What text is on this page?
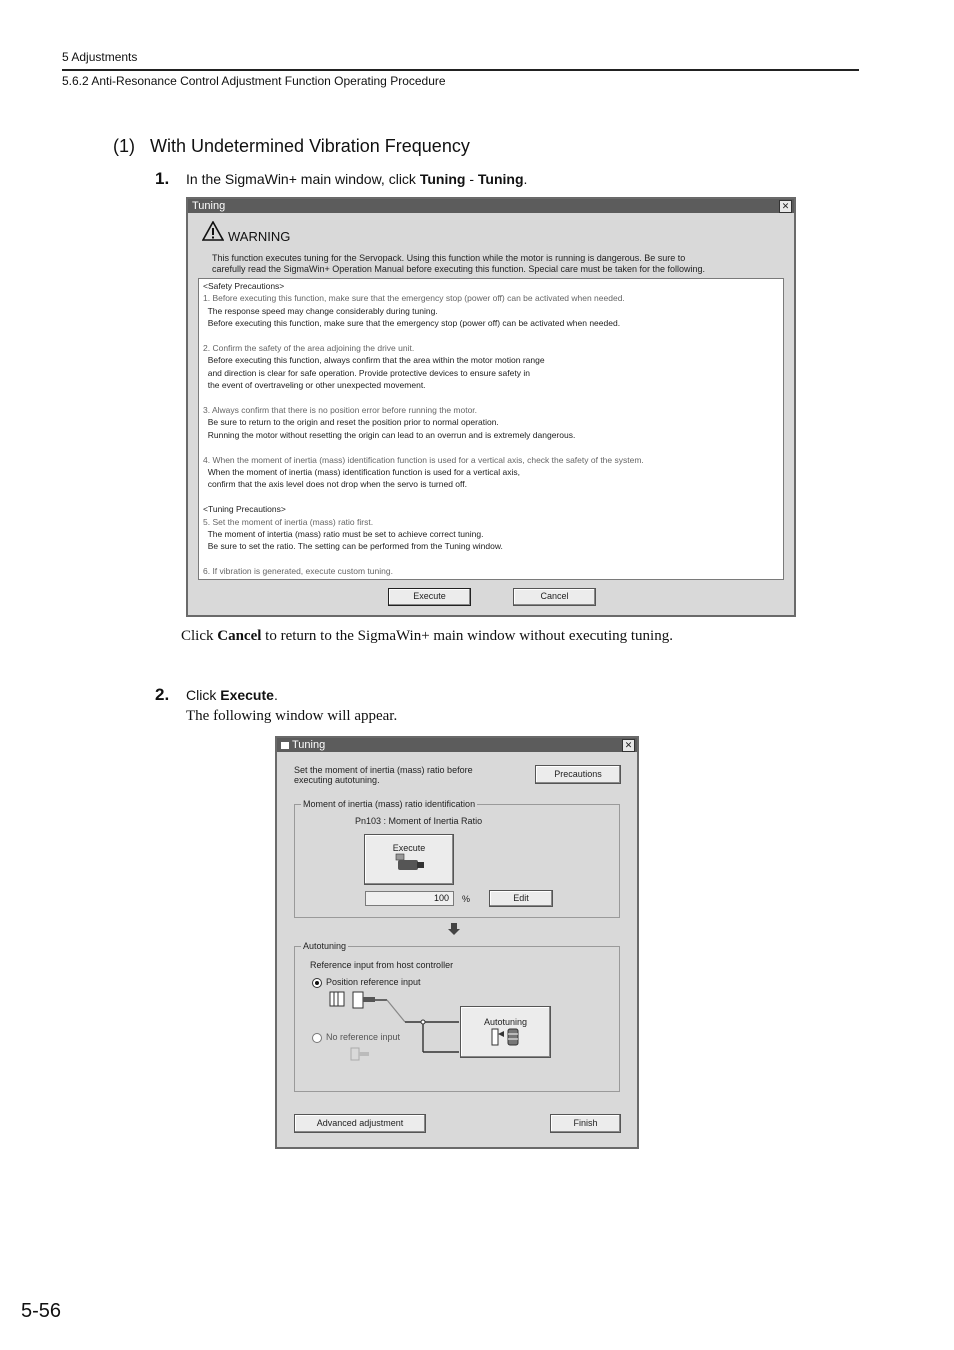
5 Adjustments
5.6.2 Anti-Resonance Control Adjustment Function Operating Procedure
(1)   With Undetermined Vibration Frequency
1. In the SigmaWin+ main window, click Tuning - Tuning.
Tuning	✕
WARNING
This function executes tuning for the Servopack. Using this function while the motor is running is dangerous. Be sure to
carefully read the SigmaWin+ Operation Manual before executing this function. Special care must be taken for the following.
<Safety Precautions>
1. Before executing this function, make sure that the emergency stop (power off) can be activated when needed.
The response speed may change considerably during tuning.
Before executing this function, make sure that the emergency stop (power off) can be activated when needed.
2. Confirm the safety of the area adjoining the drive unit.
Before executing this function, always confirm that the area within the motor motion range
and direction is clear for safe operation. Provide protective devices to ensure safety in
the event of overtraveling or other unexpected movement.
3. Always confirm that there is no position error before running the motor.
Be sure to return to the origin and reset the position prior to normal operation.
Running the motor without resetting the origin can lead to an overrun and is extremely dangerous.
4. When the moment of inertia (mass) identification function is used for a vertical axis, check the safety of the system.
When the moment of inertia (mass) identification function is used for a vertical axis,
confirm that the axis level does not drop when the servo is turned off.
<Tuning Precautions>
5. Set the moment of inertia (mass) ratio first.
The moment of intertia (mass) ratio must be set to achieve correct tuning.
Be sure to set the ratio. The setting can be performed from the Tuning window.
6. If vibration is generated, execute custom tuning.
Execute	Cancel
Click Cancel to return to the SigmaWin+ main window without executing tuning.
2. Click Execute.
The following window will appear.
Tuning	✕
Set the moment of inertia (mass) ratio before
executing autotuning.
Precautions
Moment of inertia (mass) ratio identification
Pn103 : Moment of Inertia Ratio
Execute
100	%	Edit
Autotuning
Reference input from host controller
Position reference input
No reference input
Autotuning
Advanced adjustment	Finish
5-56
